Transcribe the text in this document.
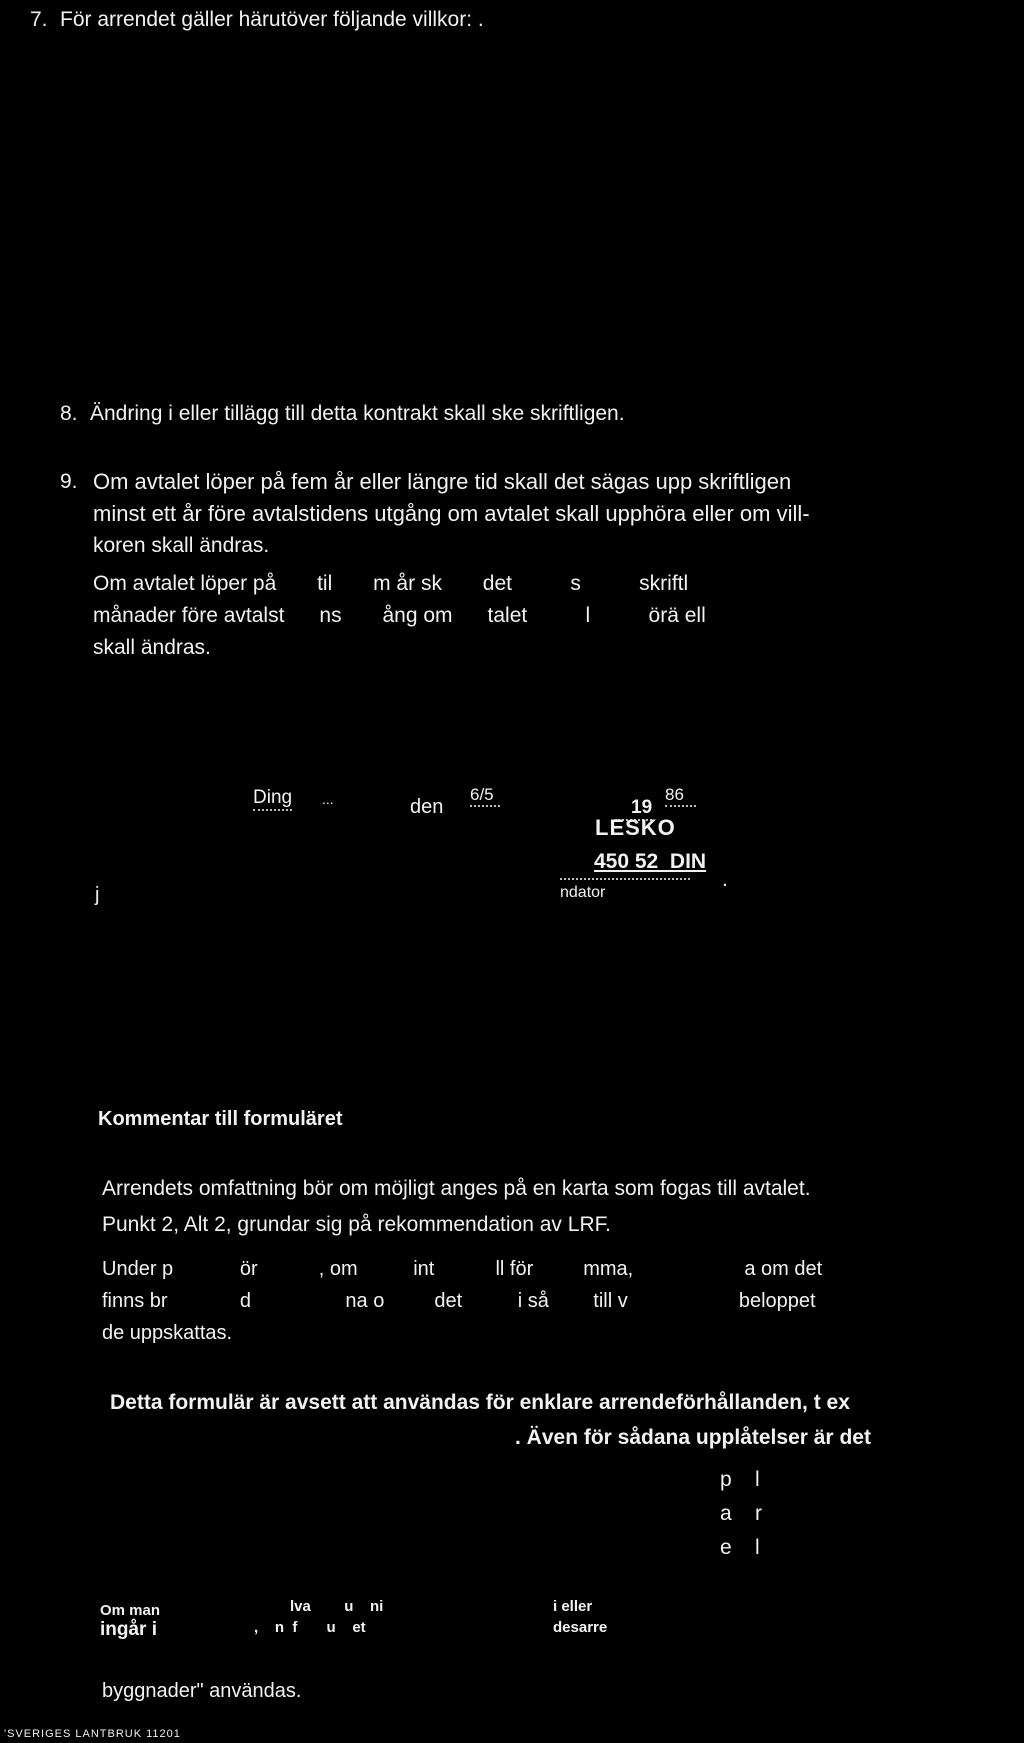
7. För arrendet gäller härutöver följande villkor: .
8. Ändring i eller tillägg till detta kontrakt skall ske skriftligen.
9. Om avtalet löper på fem år eller längre tid skall det sägas upp skriftligen
minst ett år före avtalstidens utgång om avtalet skall upphöra eller om vill-
koren skall ändras.
Om avtalet löper på       til       m år sk       det          s          skriftl
månader före avtalst      ns       ång om      talet          l          örä ell
skall ändras.
Ding ...	den
6/5
19
86
LESKO
450 52  DIN
.
j	ndator
Kommentar till formuläret
Arrendets omfattning bör om möjligt anges på en karta som fogas till avtalet.
Punkt 2, Alt 2, grundar sig på rekommendation av LRF.
Under p            ör           , om          int           ll för         mma,                    a om det
finns br             d                 na o         det          i så        till v                    beloppet
de uppskattas.
Detta formulär är avsett att användas för enklare arrendeförhållanden, t ex
. Även för sådana upplåtelser är det
p    l
a    r
e    l
Om man	lva        u    ni	i eller
ingår i	,    n  f       u    et	desarre
byggnader" användas.
'SVERIGES LANTBRUK 11201
